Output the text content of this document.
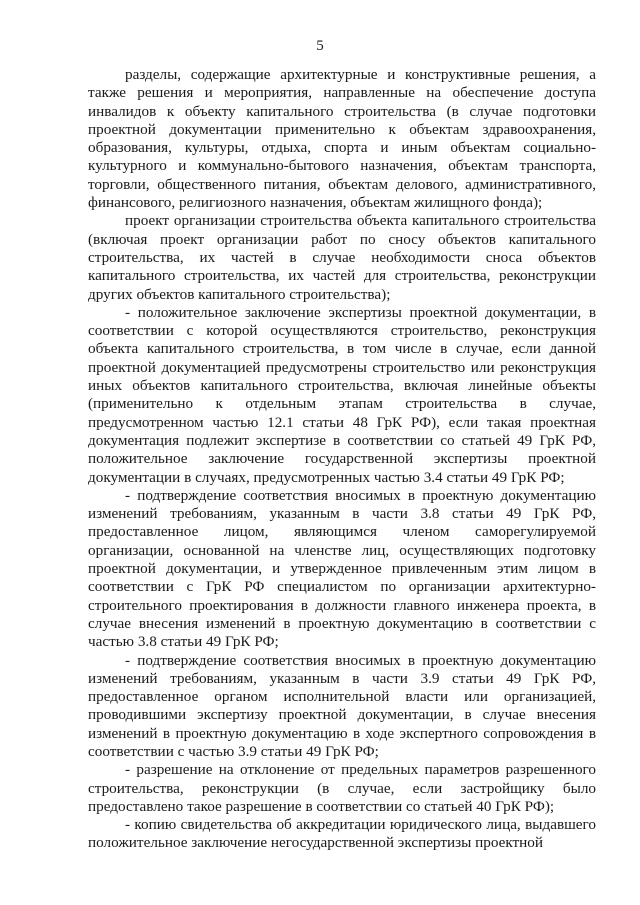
5

разделы, содержащие архитектурные и конструктивные решения, а также решения и мероприятия, направленные на обеспечение доступа инвалидов к объекту капитального строительства (в случае подготовки проектной документации применительно к объектам здравоохранения, образования, культуры, отдыха, спорта и иным объектам социально-культурного и коммунально-бытового назначения, объектам транспорта, торговли, общественного питания, объектам делового, административного, финансового, религиозного назначения, объектам жилищного фонда);

проект организации строительства объекта капитального строительства (включая проект организации работ по сносу объектов капитального строительства, их частей в случае необходимости сноса объектов капитального строительства, их частей для строительства, реконструкции других объектов капитального строительства);

- положительное заключение экспертизы проектной документации, в соответствии с которой осуществляются строительство, реконструкция объекта капитального строительства, в том числе в случае, если данной проектной документацией предусмотрены строительство или реконструкция иных объектов капитального строительства, включая линейные объекты (применительно к отдельным этапам строительства в случае, предусмотренном частью 12.1 статьи 48 ГрК РФ), если такая проектная документация подлежит экспертизе в соответствии со статьей 49 ГрК РФ, положительное заключение государственной экспертизы проектной документации в случаях, предусмотренных частью 3.4 статьи 49 ГрК РФ;

- подтверждение соответствия вносимых в проектную документацию изменений требованиям, указанным в части 3.8 статьи 49 ГрК РФ, предоставленное лицом, являющимся членом саморегулируемой организации, основанной на членстве лиц, осуществляющих подготовку проектной документации, и утвержденное привлеченным этим лицом в соответствии с ГрК РФ специалистом по организации архитектурно-строительного проектирования в должности главного инженера проекта, в случае внесения изменений в проектную документацию в соответствии с частью 3.8 статьи 49 ГрК РФ;

- подтверждение соответствия вносимых в проектную документацию изменений требованиям, указанным в части 3.9 статьи 49 ГрК РФ, предоставленное органом исполнительной власти или организацией, проводившими экспертизу проектной документации, в случае внесения изменений в проектную документацию в ходе экспертного сопровождения в соответствии с частью 3.9 статьи 49 ГрК РФ;

- разрешение на отклонение от предельных параметров разрешенного строительства, реконструкции (в случае, если застройщику было предоставлено такое разрешение в соответствии со статьей 40 ГрК РФ);

- копию свидетельства об аккредитации юридического лица, выдавшего положительное заключение негосударственной экспертизы проектной
